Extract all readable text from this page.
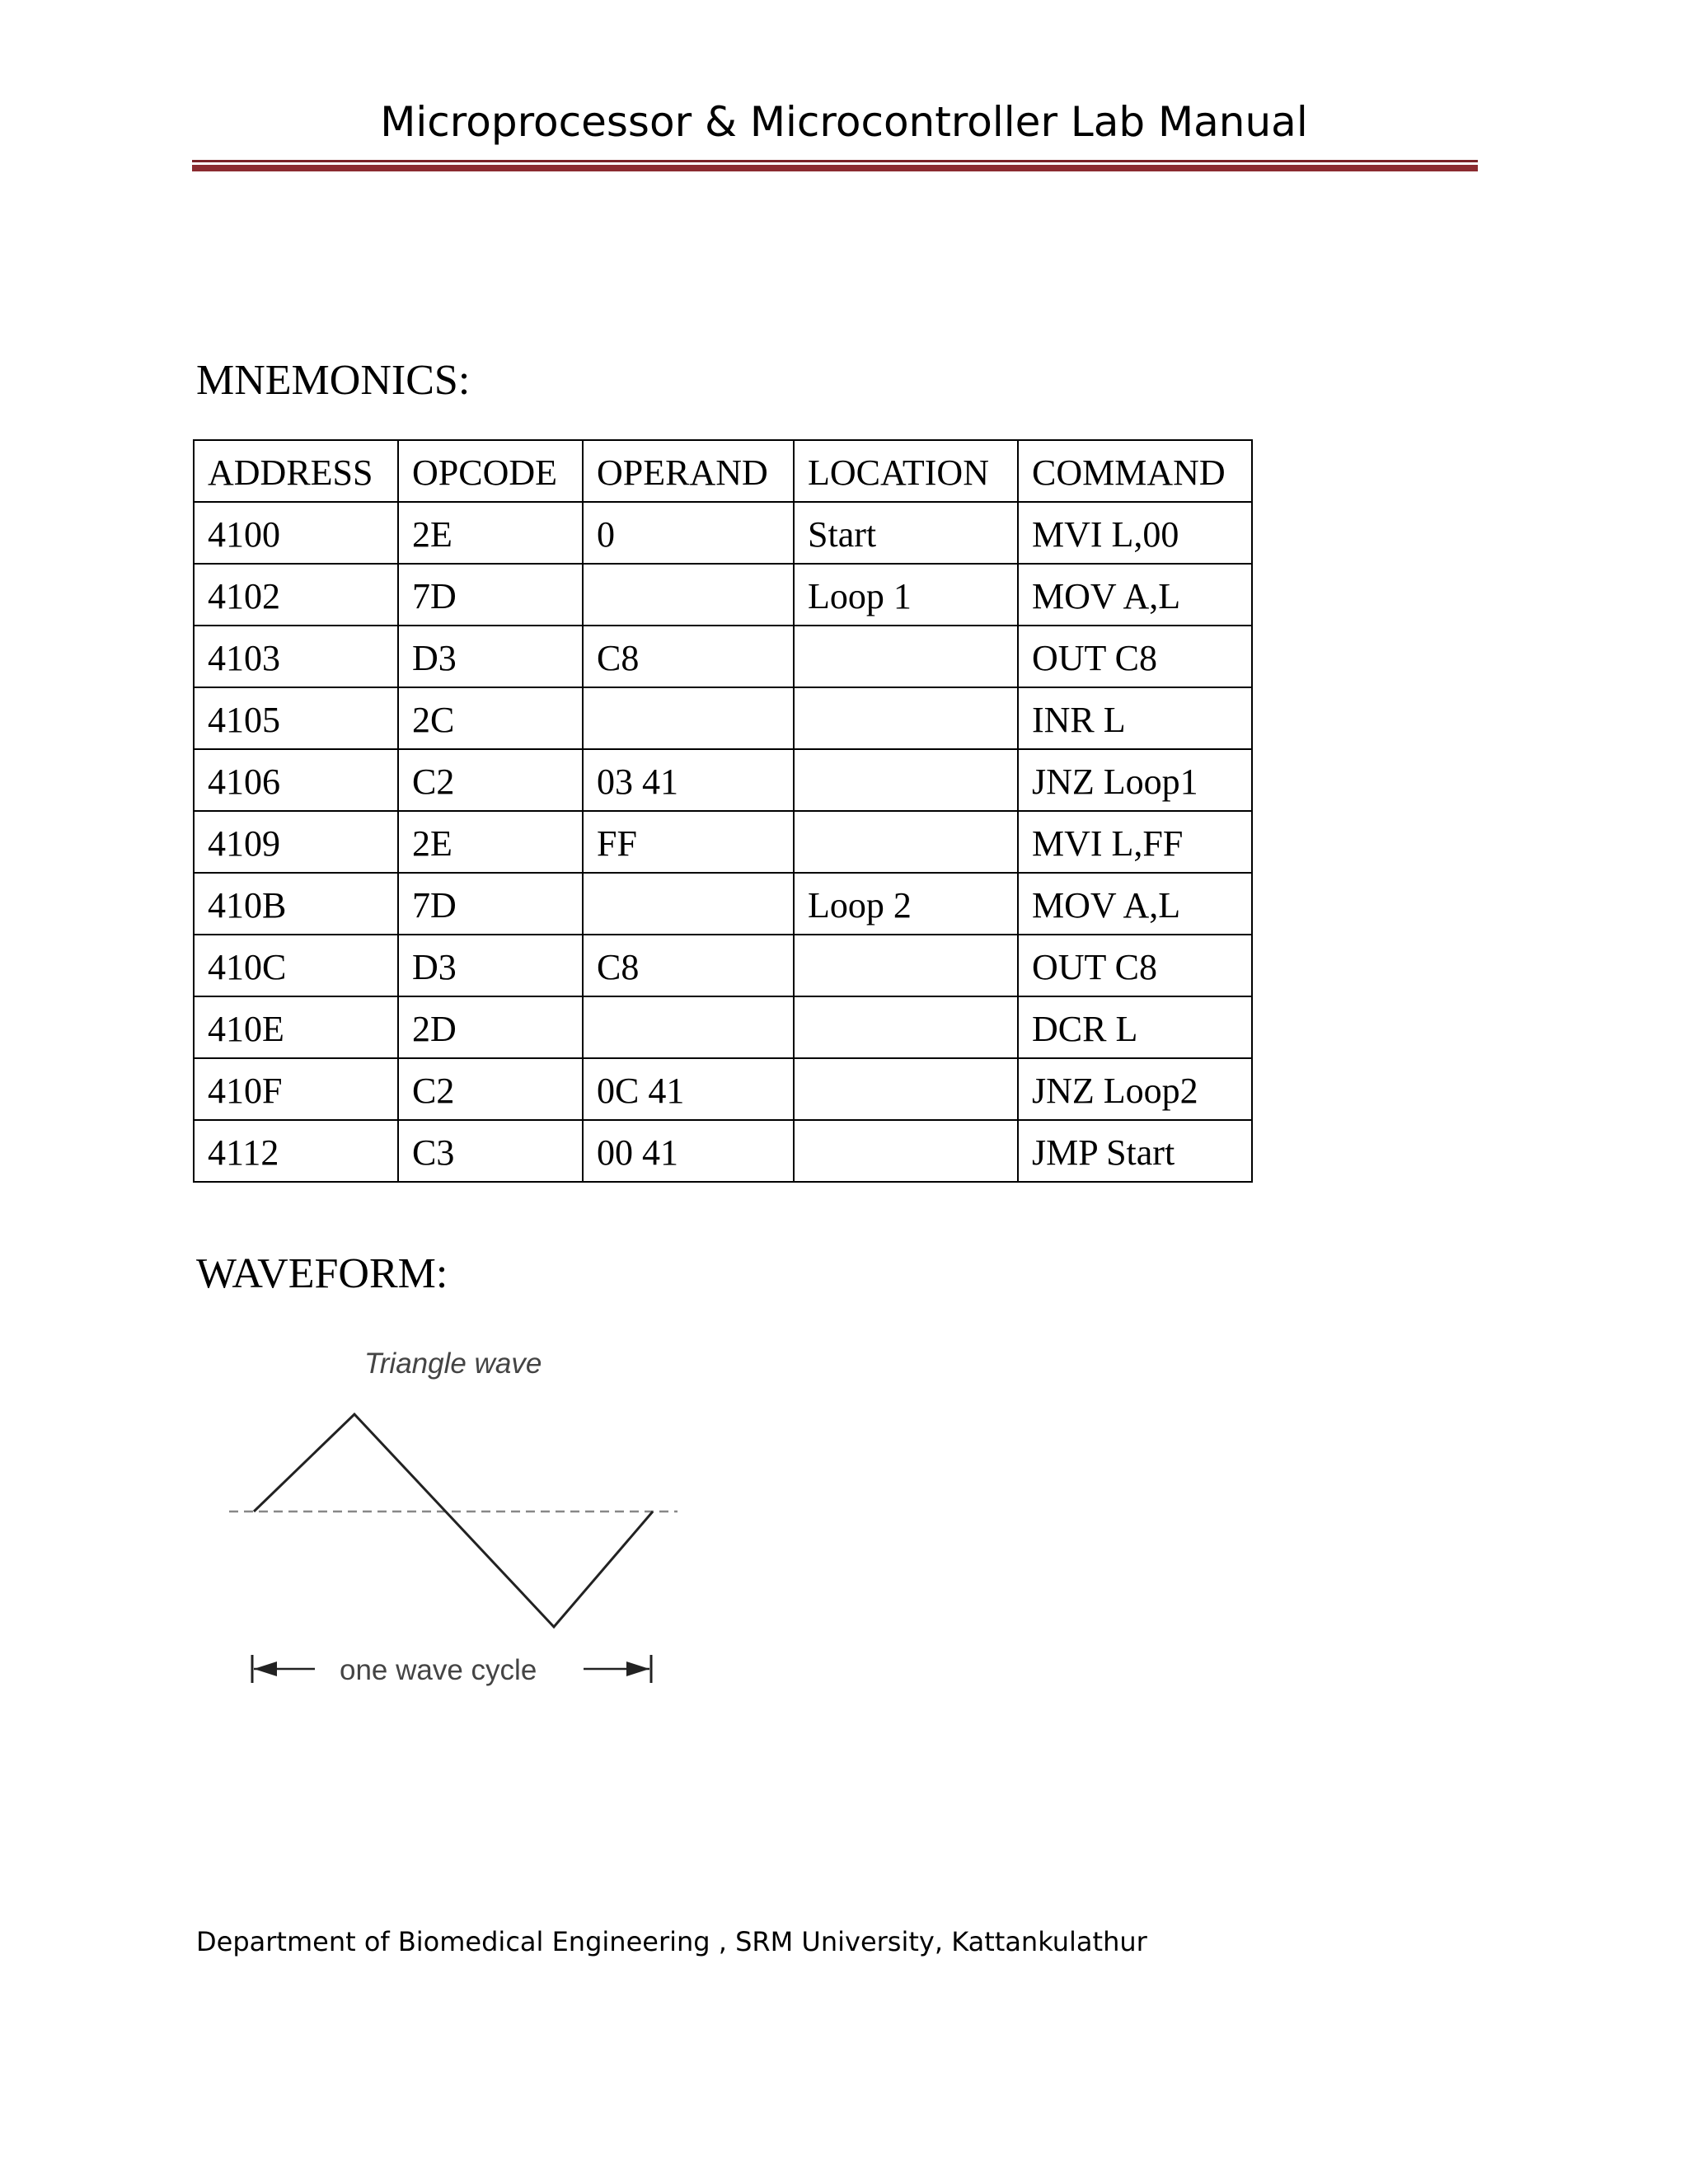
Microprocessor & Microcontroller Lab Manual
MNEMONICS:
ADDRESS	OPCODE	OPERAND	LOCATION	COMMAND
4100	2E	0	Start	MVI L,00
4102	7D		Loop 1	MOV A,L
4103	D3	C8		OUT C8
4105	2C			INR L
4106	C2	03 41		JNZ Loop1
4109	2E	FF		MVI L,FF
410B	7D		Loop 2	MOV A,L
410C	D3	C8		OUT C8
410E	2D			DCR L
410F	C2	0C 41		JNZ Loop2
4112	C3	00 41		JMP Start
WAVEFORM:
Triangle wave
one wave cycle
Department of Biomedical Engineering , SRM University, Kattankulathur
